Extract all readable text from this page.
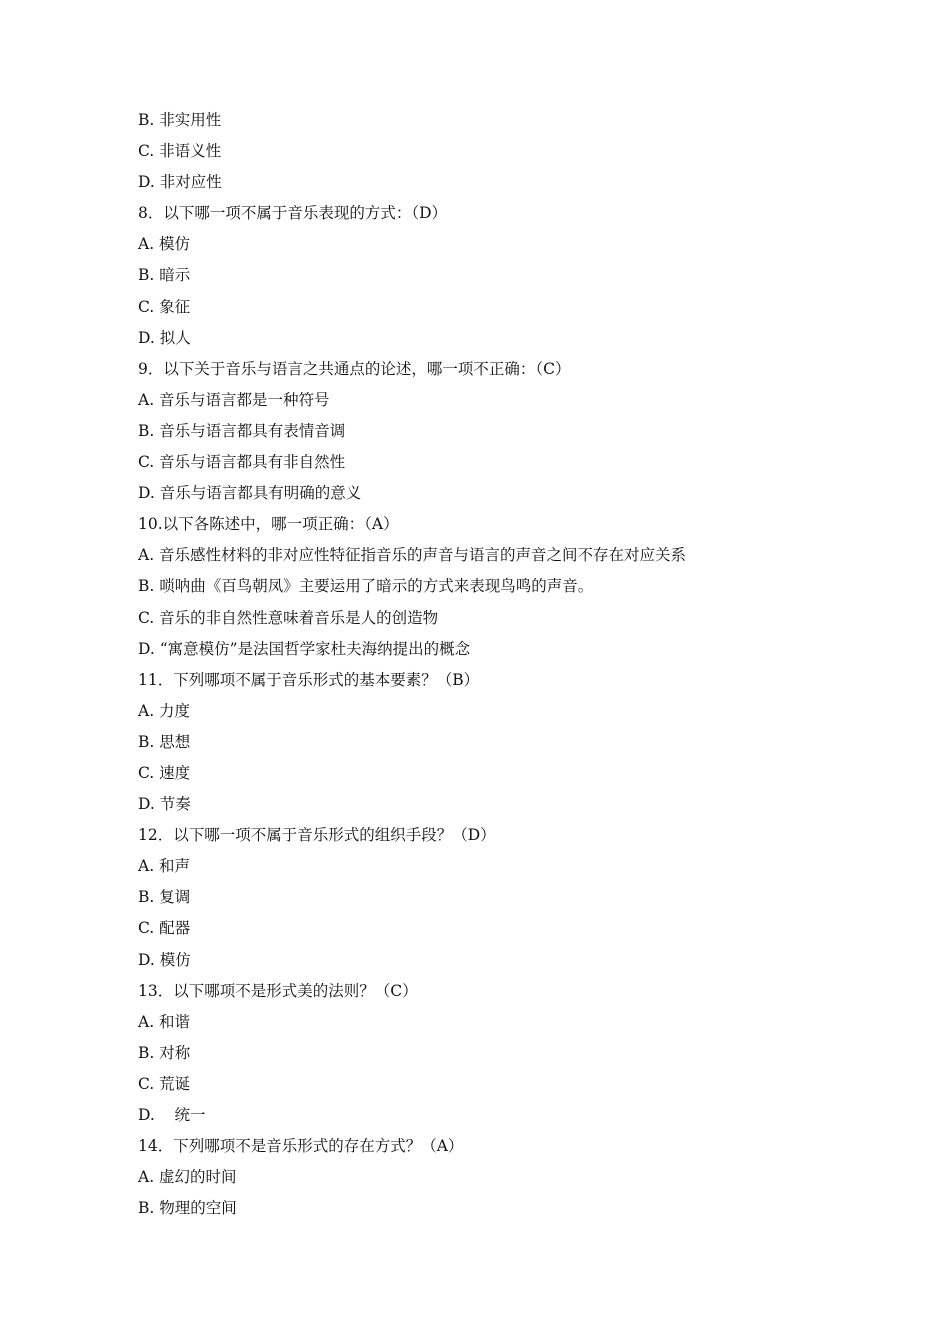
B. 非实用性
C. 非语义性
D. 非对应性
8．以下哪一项不属于音乐表现的方式：（D）
A. 模仿
B. 暗示
C. 象征
D. 拟人
9．以下关于音乐与语言之共通点的论述，哪一项不正确：（C）
A. 音乐与语言都是一种符号
B. 音乐与语言都具有表情音调
C. 音乐与语言都具有非自然性
D. 音乐与语言都具有明确的意义
10.以下各陈述中，哪一项正确：（A）
A. 音乐感性材料的非对应性特征指音乐的声音与语言的声音之间不存在对应关系
B. 唢呐曲《百鸟朝凤》主要运用了暗示的方式来表现鸟鸣的声音。
C. 音乐的非自然性意味着音乐是人的创造物
D. “寓意模仿”是法国哲学家杜夫海纳提出的概念
11．下列哪项不属于音乐形式的基本要素？（B）
A. 力度
B. 思想
C. 速度
D. 节奏
12．以下哪一项不属于音乐形式的组织手段？（D）
A. 和声
B. 复调
C. 配器
D. 模仿
13．以下哪项不是形式美的法则？（C）
A. 和谐
B. 对称
C. 荒诞
D.    统一
14．下列哪项不是音乐形式的存在方式？（A）
A. 虚幻的时间
B. 物理的空间
